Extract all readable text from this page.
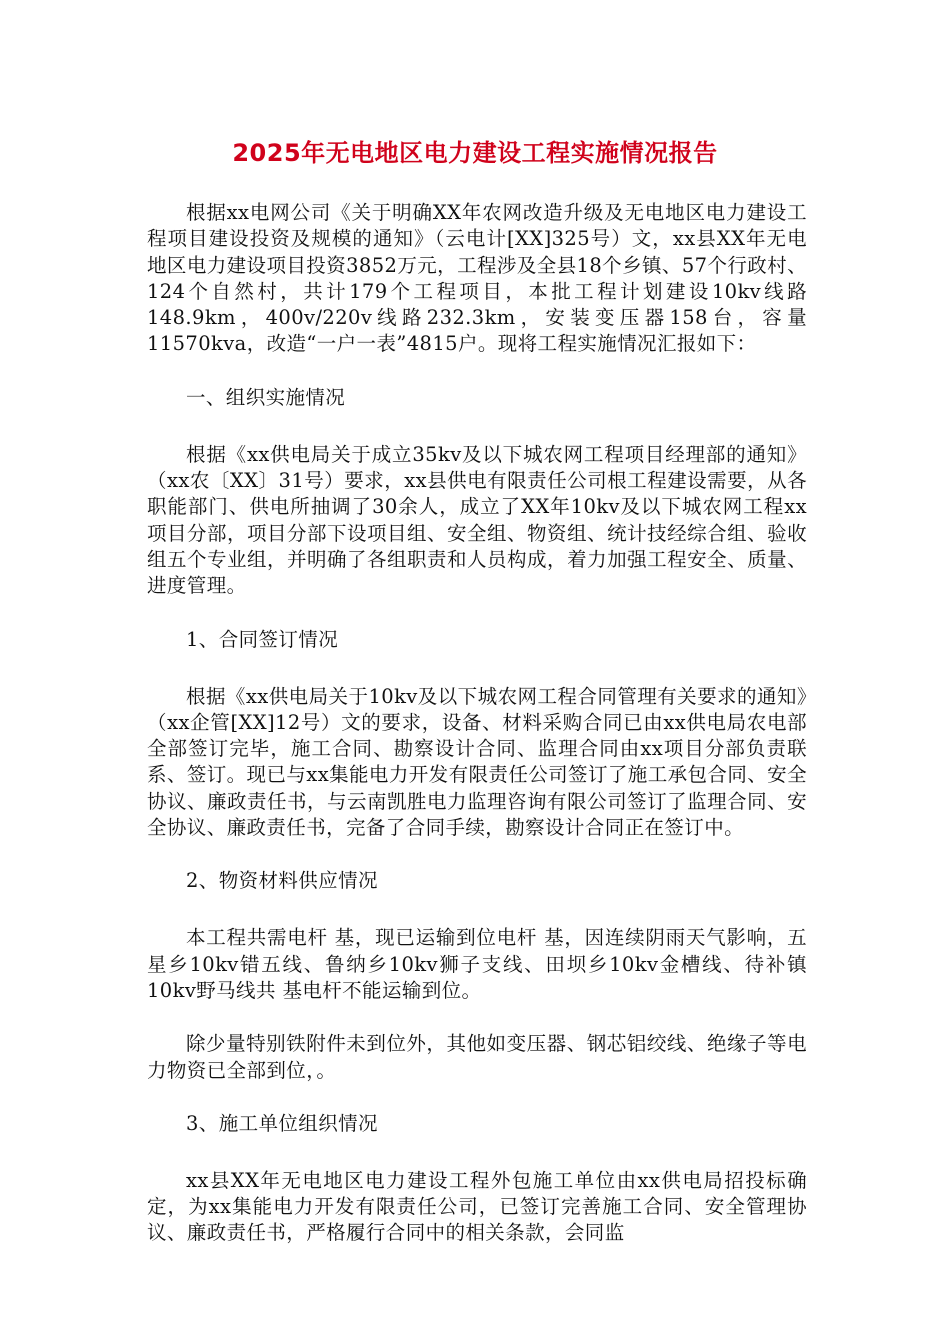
2025年无电地区电力建设工程实施情况报告

根据xx电网公司《关于明确XX年农网改造升级及无电地区电力建设工程项目建设投资及规模的通知》（云电计[XX]325号）文，xx县XX年无电地区电力建设项目投资3852万元，工程涉及全县18个乡镇、57个行政村、124个自然村，共计179个工程项目，本批工程计划建设10kv线路148.9km，400v/220v线路232.3km，安装变压器158台，容量11570kva，改造“一户一表”4815户。现将工程实施情况汇报如下：

一、组织实施情况

根据《xx供电局关于成立35kv及以下城农网工程项目经理部的通知》（xx农〔XX〕31号）要求，xx县供电有限责任公司根工程建设需要，从各职能部门、供电所抽调了30余人，成立了XX年10kv及以下城农网工程xx项目分部，项目分部下设项目组、安全组、物资组、统计技经综合组、验收组五个专业组，并明确了各组职责和人员构成，着力加强工程安全、质量、进度管理。

1、合同签订情况

根据《xx供电局关于10kv及以下城农网工程合同管理有关要求的通知》（xx企管[XX]12号）文的要求，设备、材料采购合同已由xx供电局农电部全部签订完毕，施工合同、勘察设计合同、监理合同由xx项目分部负责联系、签订。现已与xx集能电力开发有限责任公司签订了施工承包合同、安全协议、廉政责任书，与云南凯胜电力监理咨询有限公司签订了监理合同、安全协议、廉政责任书，完备了合同手续，勘察设计合同正在签订中。

2、物资材料供应情况

本工程共需电杆 基，现已运输到位电杆 基，因连续阴雨天气影响，五星乡10kv错五线、鲁纳乡10kv狮子支线、田坝乡10kv金槽线、待补镇10kv野马线共 基电杆不能运输到位。

除少量特别铁附件未到位外，其他如变压器、钢芯铝绞线、绝缘子等电力物资已全部到位，。

3、施工单位组织情况

xx县XX年无电地区电力建设工程外包施工单位由xx供电局招投标确定，为xx集能电力开发有限责任公司，已签订完善施工合同、安全管理协议、廉政责任书，严格履行合同中的相关条款，会同监
